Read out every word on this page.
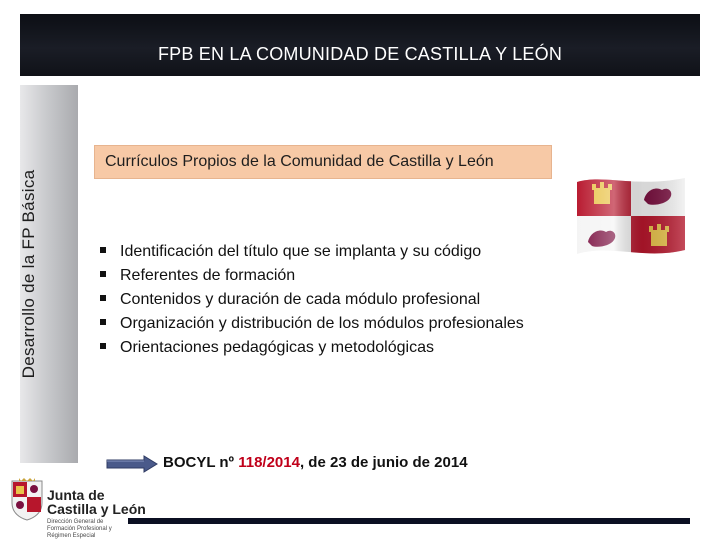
FPB EN LA COMUNIDAD DE CASTILLA Y LEÓN
Desarrollo de la FP Básica
Currículos Propios de la Comunidad de Castilla y León
Identificación del título que se implanta y su código
Referentes de formación
Contenidos y duración de cada módulo profesional
Organización y distribución de los módulos profesionales
Orientaciones pedagógicas y metodológicas
BOCYL nº 118/2014, de 23 de junio de 2014
Junta de
Castilla y León
Dirección General de Formación Profesional y Régimen Especial
